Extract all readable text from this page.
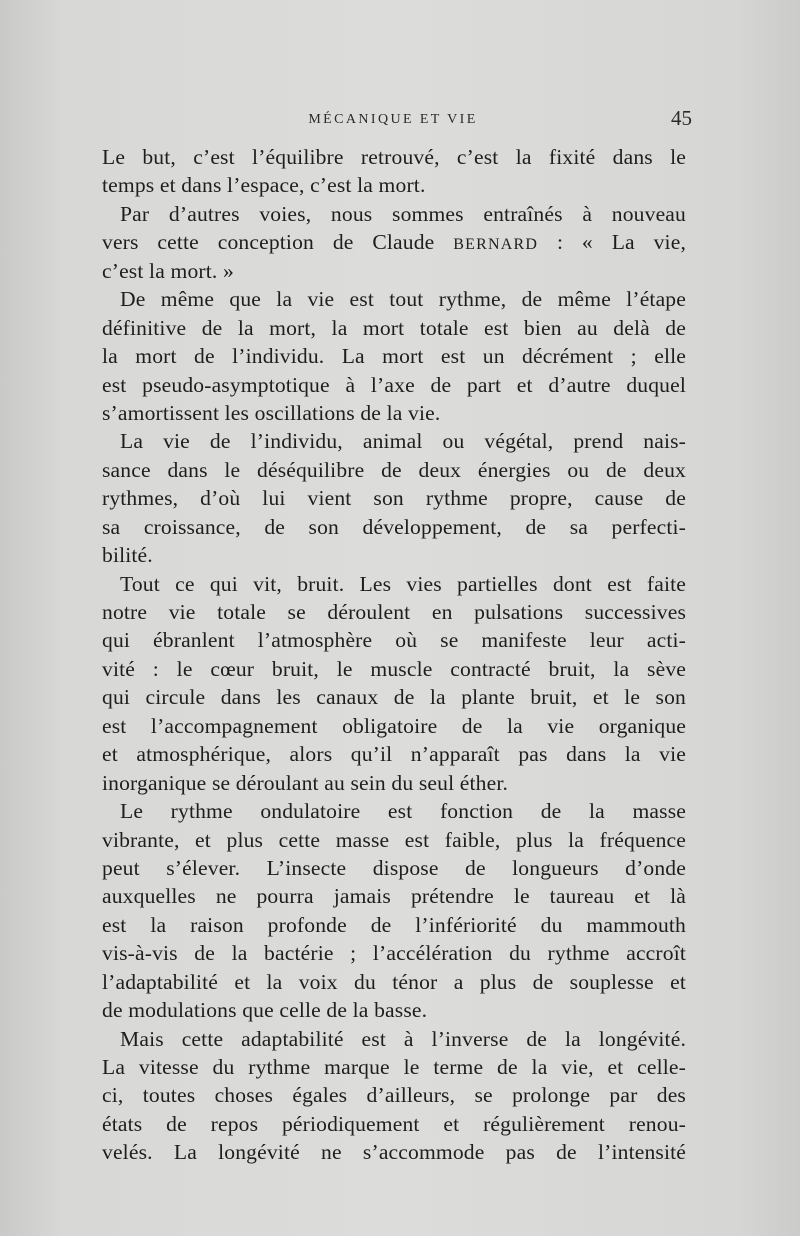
MÉCANIQUE ET VIE	45
Le but, c’est l’équilibre retrouvé, c’est la fixité dans le
temps et dans l’espace, c’est la mort.
Par d’autres voies, nous sommes entraînés à nouveau
vers cette conception de Claude BERNARD : « La vie,
c’est la mort. »
De même que la vie est tout rythme, de même l’étape
définitive de la mort, la mort totale est bien au delà de
la mort de l’individu. La mort est un décrément ; elle
est pseudo-asymptotique à l’axe de part et d’autre duquel
s’amortissent les oscillations de la vie.
La vie de l’individu, animal ou végétal, prend nais-
sance dans le déséquilibre de deux énergies ou de deux
rythmes, d’où lui vient son rythme propre, cause de
sa croissance, de son développement, de sa perfecti-
bilité.
Tout ce qui vit, bruit. Les vies partielles dont est faite
notre vie totale se déroulent en pulsations successives
qui ébranlent l’atmosphère où se manifeste leur acti-
vité : le cœur bruit, le muscle contracté bruit, la sève
qui circule dans les canaux de la plante bruit, et le son
est l’accompagnement obligatoire de la vie organique
et atmosphérique, alors qu’il n’apparaît pas dans la vie
inorganique se déroulant au sein du seul éther.
Le rythme ondulatoire est fonction de la masse
vibrante, et plus cette masse est faible, plus la fréquence
peut s’élever. L’insecte dispose de longueurs d’onde
auxquelles ne pourra jamais prétendre le taureau et là
est la raison profonde de l’infériorité du mammouth
vis-à-vis de la bactérie ; l’accélération du rythme accroît
l’adaptabilité et la voix du ténor a plus de souplesse et
de modulations que celle de la basse.
Mais cette adaptabilité est à l’inverse de la longévité.
La vitesse du rythme marque le terme de la vie, et celle-
ci, toutes choses égales d’ailleurs, se prolonge par des
états de repos périodiquement et régulièrement renou-
velés. La longévité ne s’accommode pas de l’intensité
